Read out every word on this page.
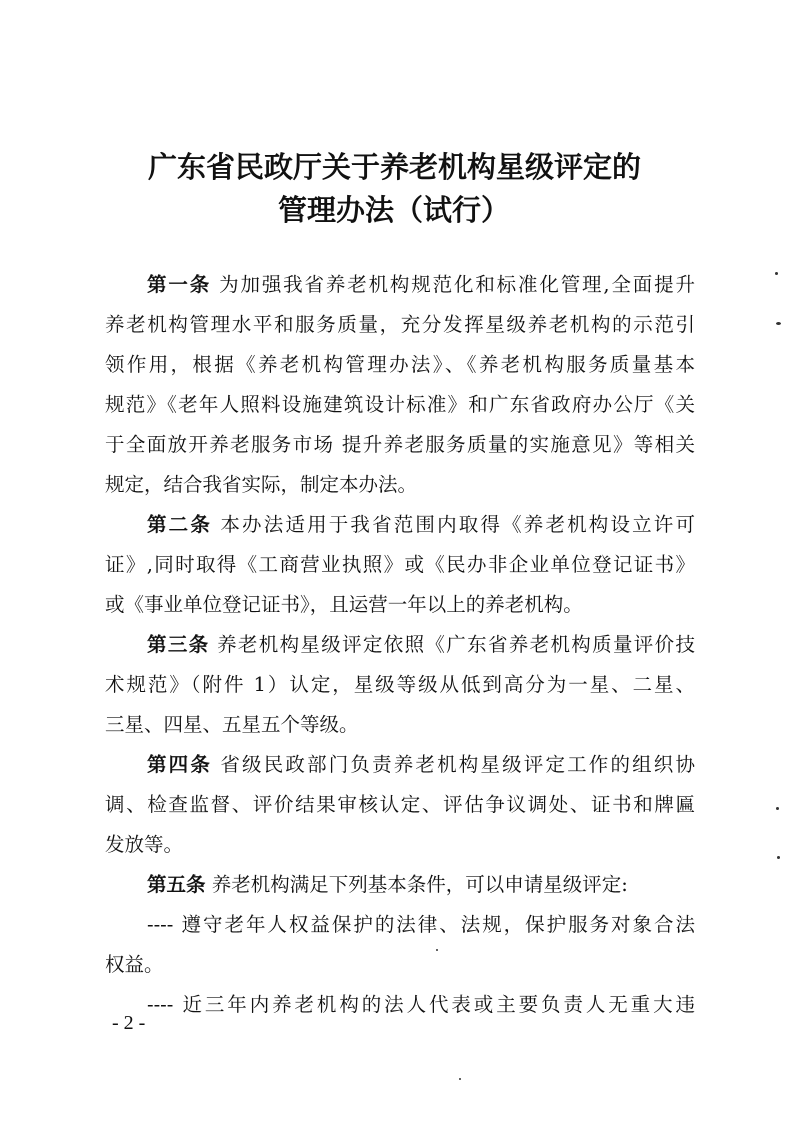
广东省民政厅关于养老机构星级评定的
管理办法（试行）
第一条 为加强我省养老机构规范化和标准化管理,全面提升
养老机构管理水平和服务质量，充分发挥星级养老机构的示范引
领作用，根据《养老机构管理办法》、《养老机构服务质量基本
规范》《老年人照料设施建筑设计标准》和广东省政府办公厅《关
于全面放开养老服务市场 提升养老服务质量的实施意见》等相关
规定，结合我省实际，制定本办法。
第二条 本办法适用于我省范围内取得《养老机构设立许可
证》,同时取得《工商营业执照》或《民办非企业单位登记证书》
或《事业单位登记证书》，且运营一年以上的养老机构。
第三条 养老机构星级评定依照《广东省养老机构质量评价技
术规范》（附件 1）认定，星级等级从低到高分为一星、二星、
三星、四星、五星五个等级。
第四条 省级民政部门负责养老机构星级评定工作的组织协
调、检查监督、评价结果审核认定、评估争议调处、证书和牌匾
发放等。
第五条 养老机构满足下列基本条件，可以申请星级评定:
---- 遵守老年人权益保护的法律、法规，保护服务对象合法
权益。
---- 近三年内养老机构的法人代表或主要负责人无重大违
- 2 -
